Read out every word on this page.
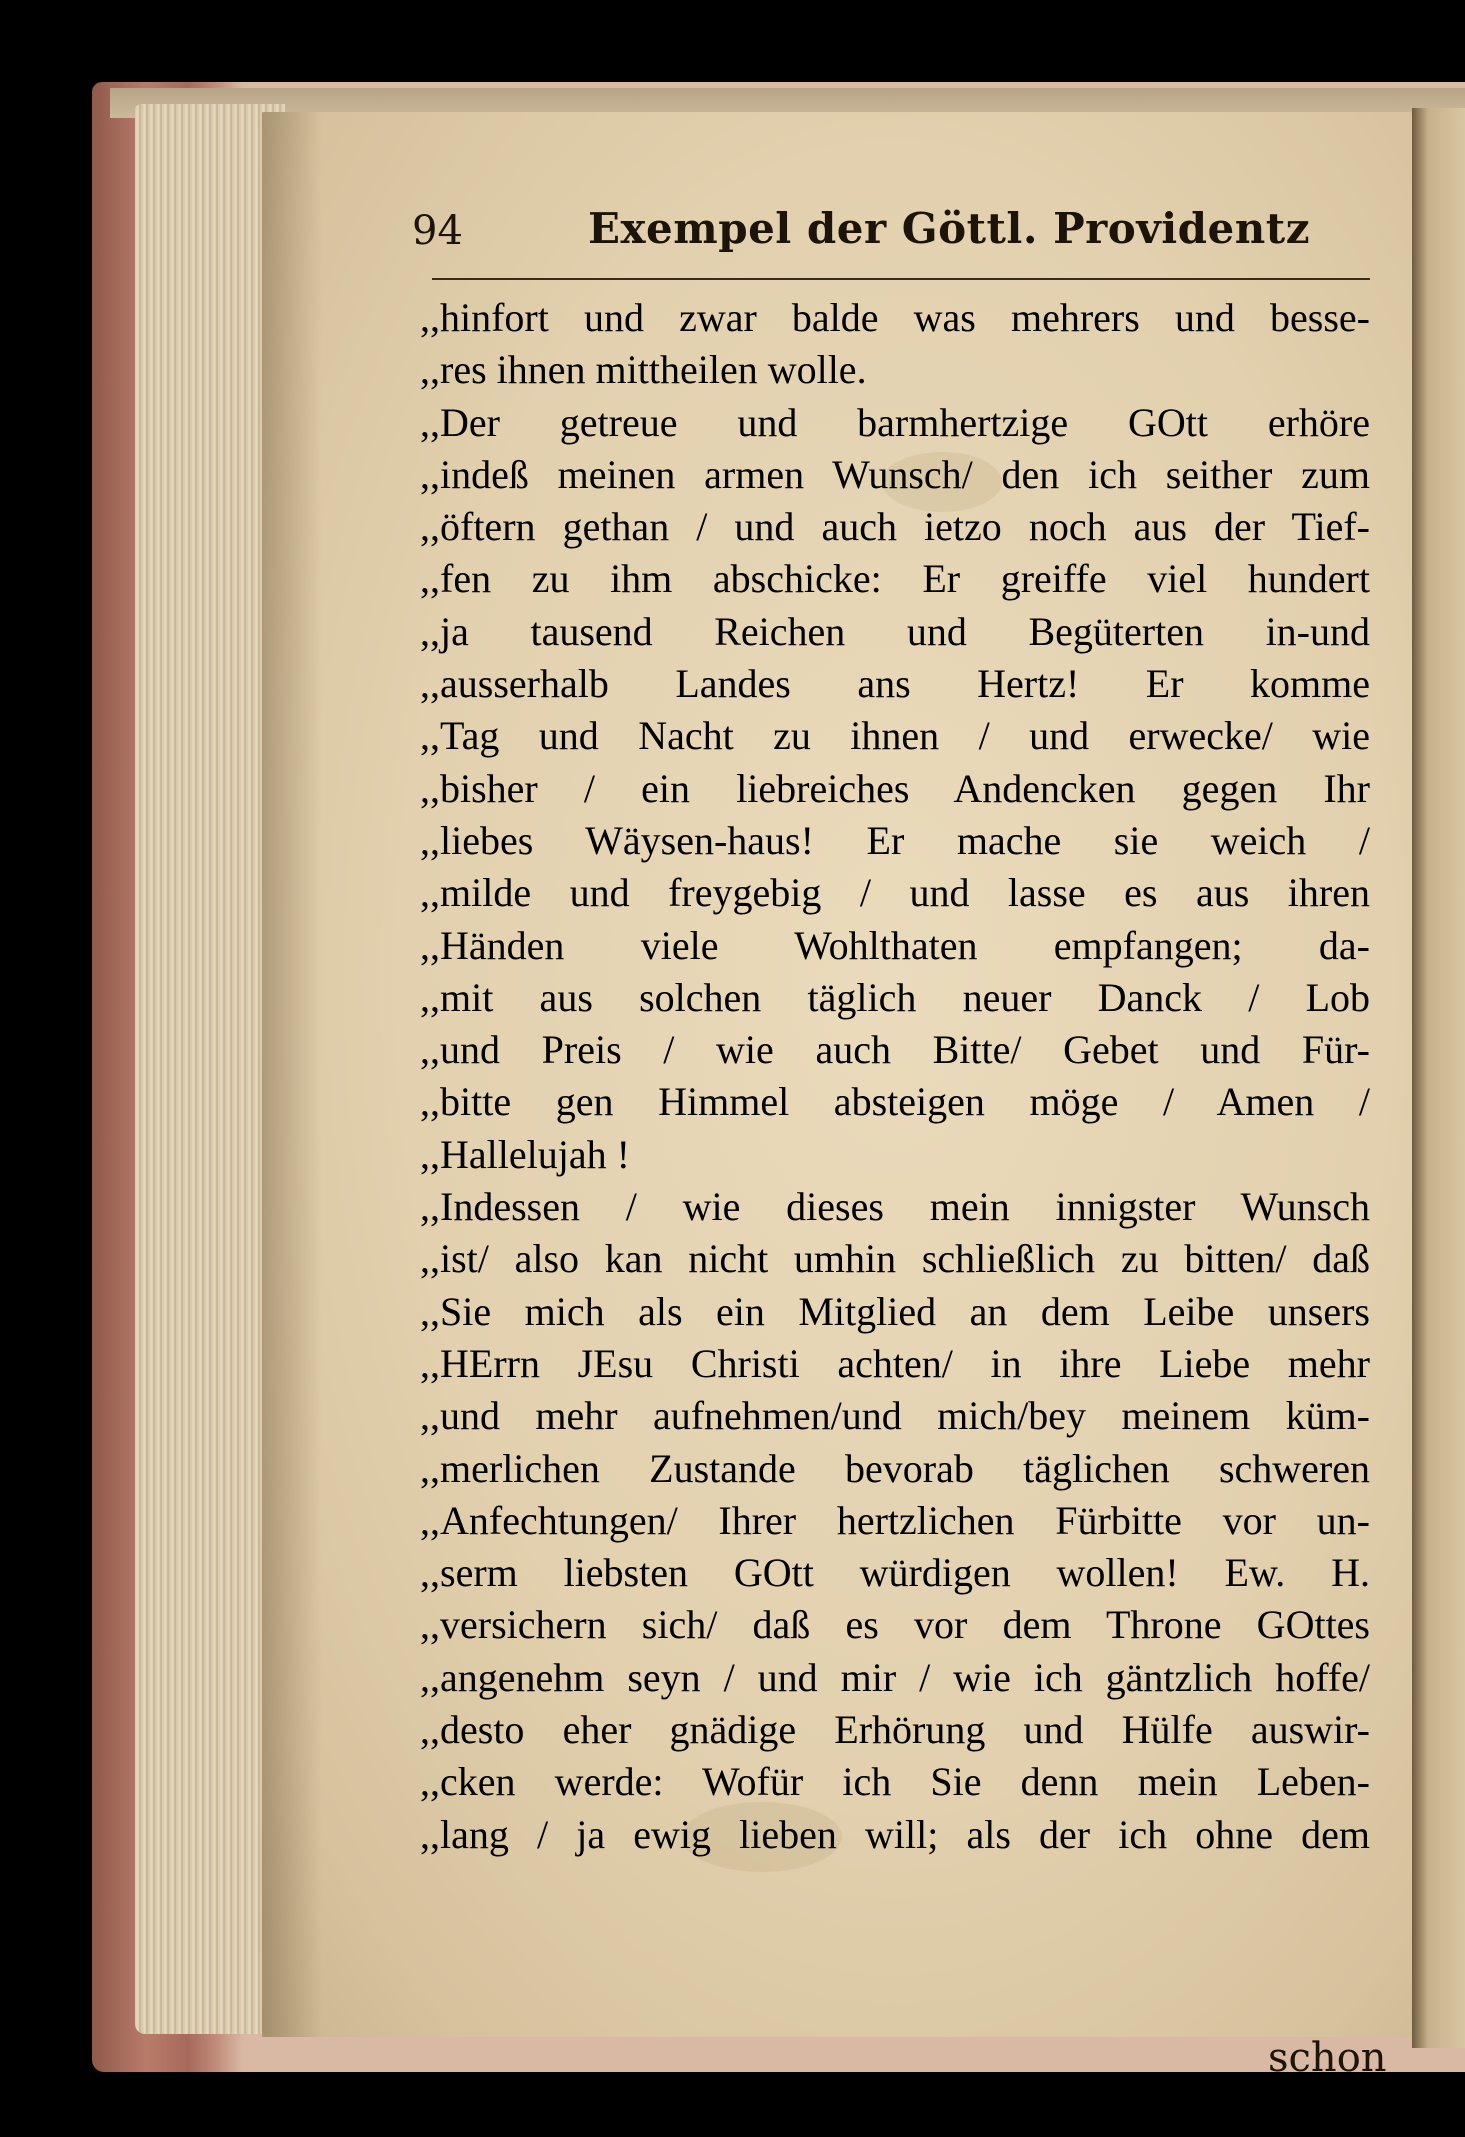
94	Exempel der Göttl. Providentz
,,hinfort und zwar balde was mehrers und besse-
,,res ihnen mittheilen wolle.
,,Der getreue und barmhertzige GOtt erhöre
,,indeß meinen armen Wunsch/ den ich seither zum
,,öftern gethan / und auch ietzo noch aus der Tief-
,,fen zu ihm abschicke: Er greiffe viel hundert
,,ja tausend Reichen und Begüterten in-und
,,ausserhalb Landes ans Hertz! Er komme
,,Tag und Nacht zu ihnen / und erwecke/ wie
,,bisher / ein liebreiches Andencken gegen Ihr
,,liebes Wäysen-haus! Er mache sie weich /
,,milde und freygebig / und lasse es aus ihren
,,Händen viele Wohlthaten empfangen; da-
,,mit aus solchen täglich neuer Danck / Lob
,,und Preis / wie auch Bitte/ Gebet und Für-
,,bitte gen Himmel absteigen möge / Amen /
,,Hallelujah !
,,Indessen / wie dieses mein innigster Wunsch
,,ist/ also kan nicht umhin schließlich zu bitten/ daß
,,Sie mich als ein Mitglied an dem Leibe unsers
,,HErrn JEsu Christi achten/ in ihre Liebe mehr
,,und mehr aufnehmen/und mich/bey meinem küm-
,,merlichen Zustande bevorab täglichen schweren
,,Anfechtungen/ Ihrer hertzlichen Fürbitte vor un-
,,serm liebsten GOtt würdigen wollen! Ew. H.
,,versichern sich/ daß es vor dem Throne GOttes
,,angenehm seyn / und mir / wie ich gäntzlich hoffe/
,,desto eher gnädige Erhörung und Hülfe auswir-
,,cken werde: Wofür ich Sie denn mein Leben-
,,lang / ja ewig lieben will; als der ich ohne dem
schon
